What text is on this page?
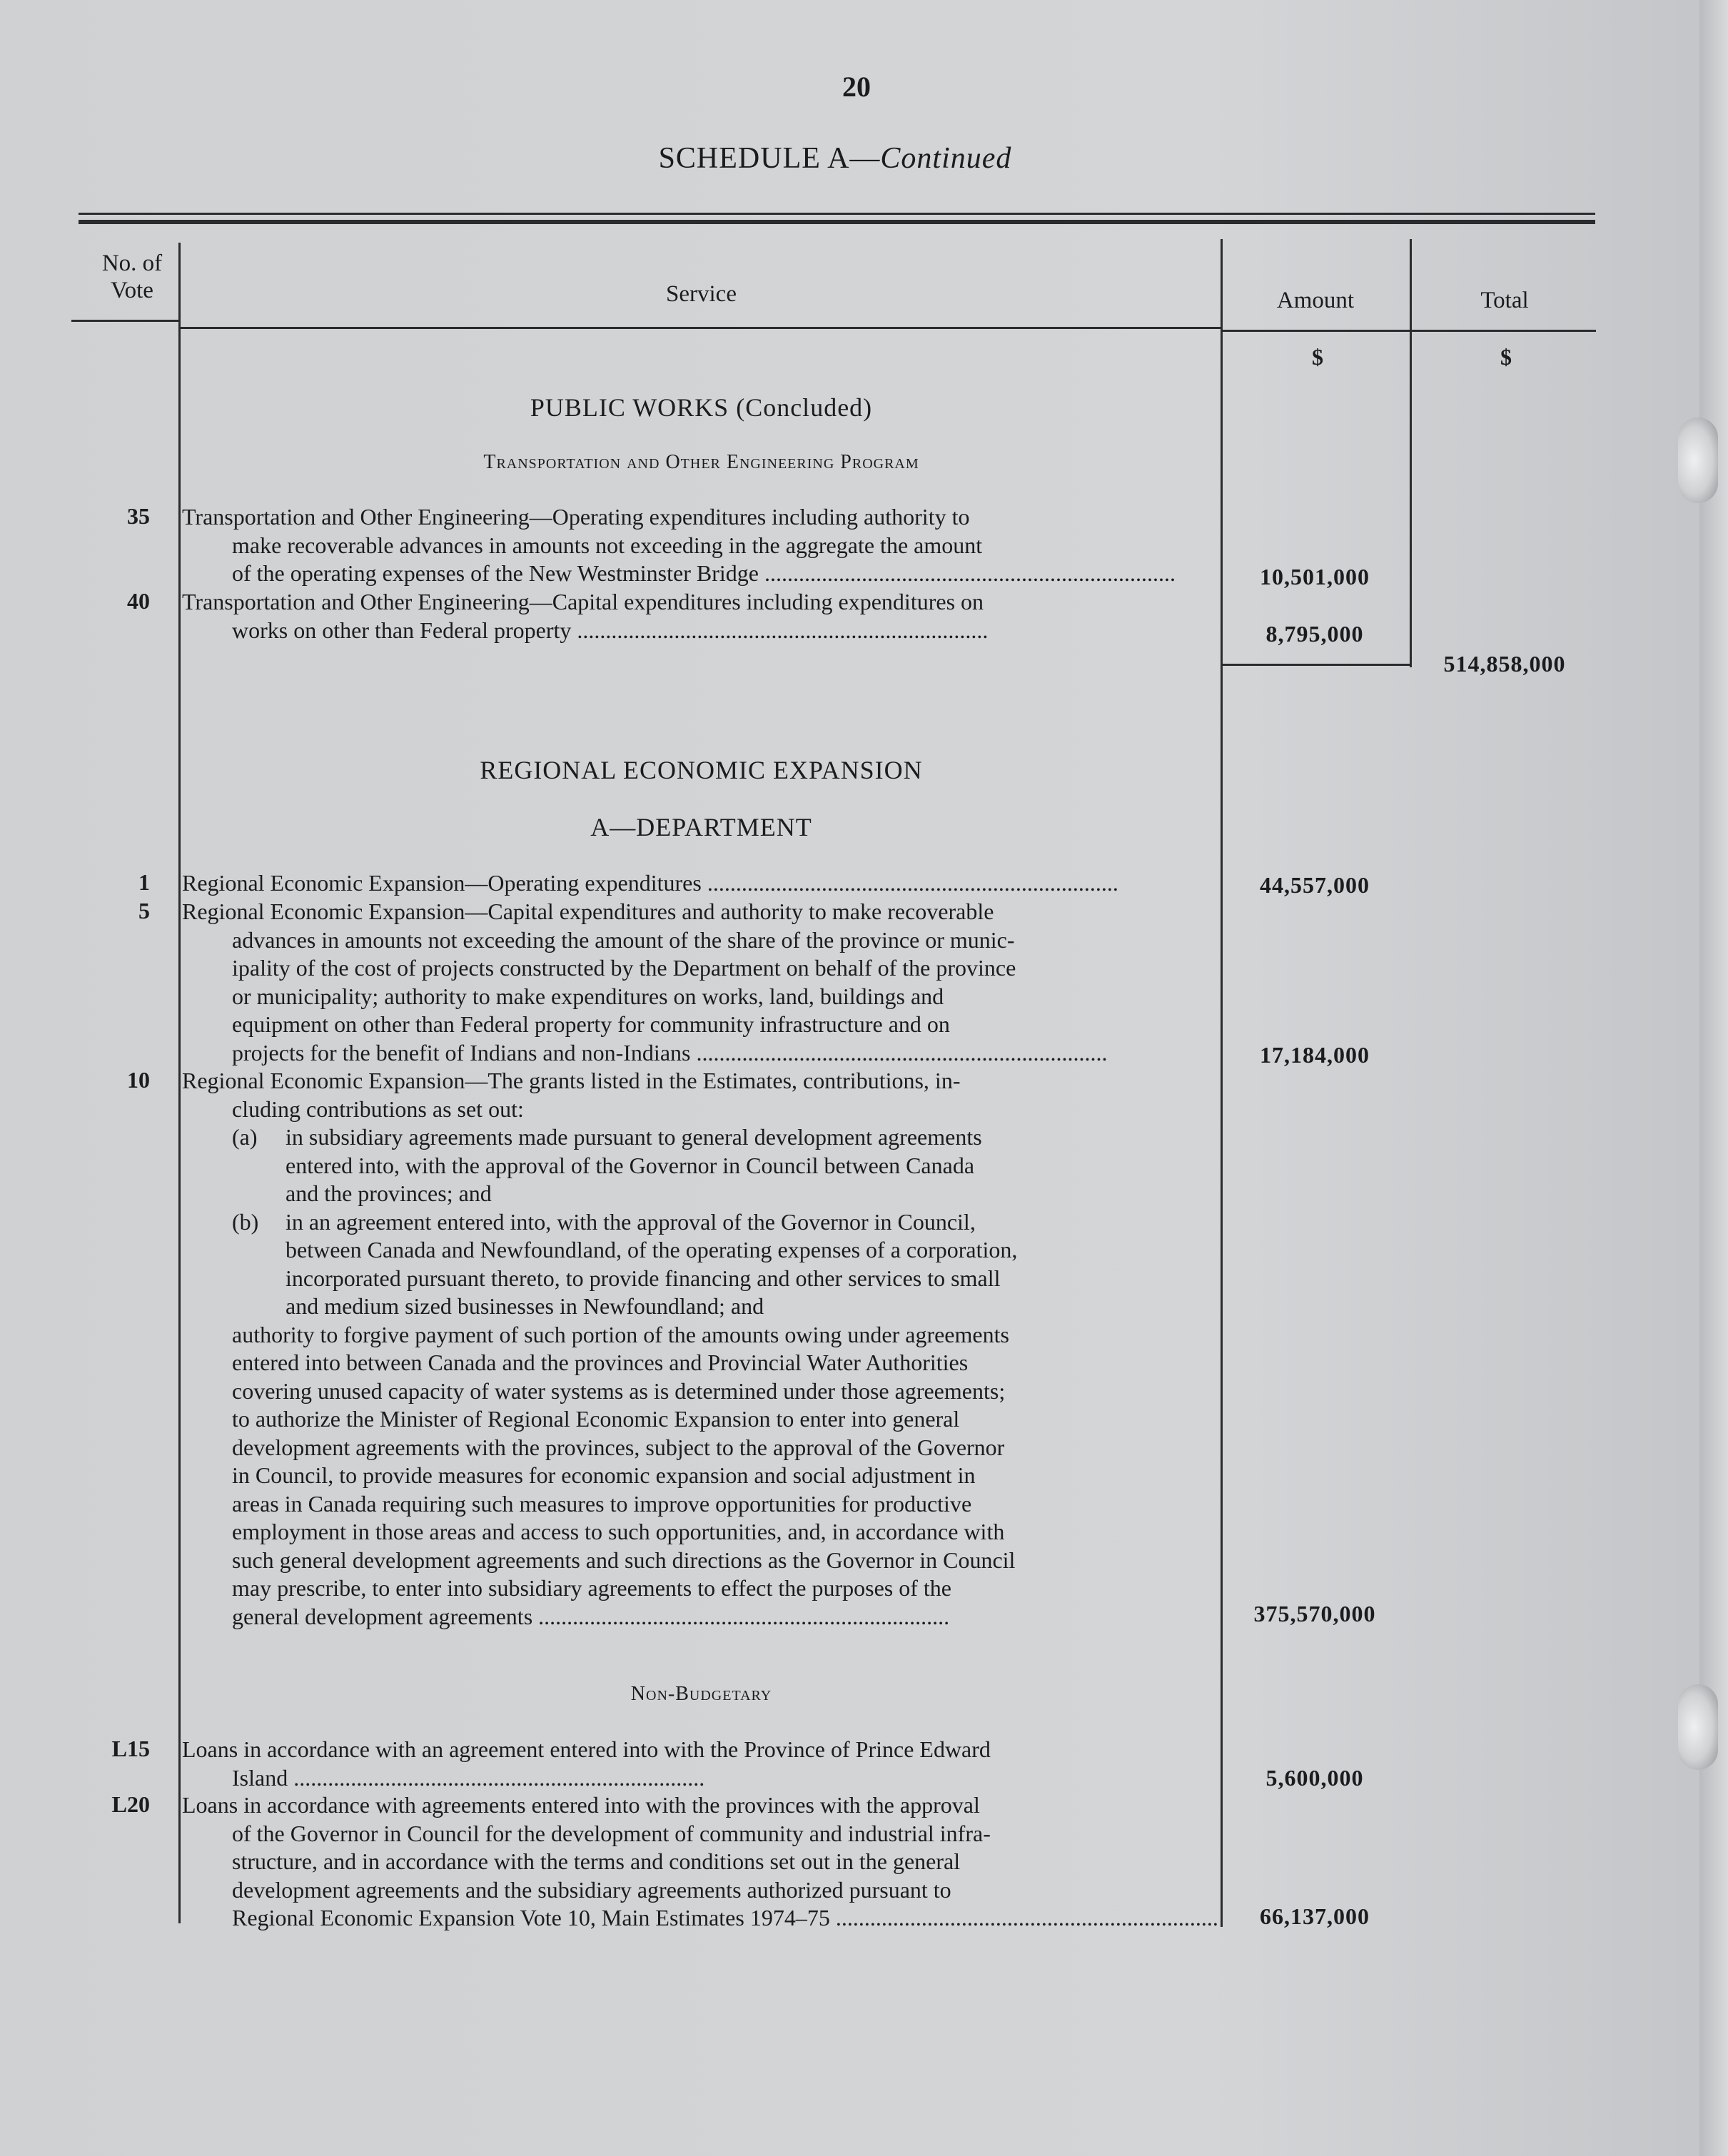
20
SCHEDULE A—Continued
No. of
Vote	Service	Amount	Total
$	$
PUBLIC WORKS (Concluded)
Transportation and Other Engineering Program
35 Transportation and Other Engineering—Operating expenditures including authority to

make recoverable advances in amounts not exceeding in the aggregate the amount

of the operating expenses of the New Westminster Bridge .....	10,501,000
40 Transportation and Other Engineering—Capital expenditures including expenditures on

works on other than Federal property .....	8,795,000
514,858,000
REGIONAL ECONOMIC EXPANSION
A—DEPARTMENT
1 Regional Economic Expansion—Operating expenditures .....	44,557,000
5 Regional Economic Expansion—Capital expenditures and authority to make recoverable

advances in amounts not exceeding the amount of the share of the province or munic-

ipality of the cost of projects constructed by the Department on behalf of the province

or municipality; authority to make expenditures on works, land, buildings and

equipment on other than Federal property for community infrastructure and on

projects for the benefit of Indians and non-Indians .....	17,184,000
10 Regional Economic Expansion—The grants listed in the Estimates, contributions, in-

cluding contributions as set out:

(a)	in subsidiary agreements made pursuant to general development agreements

entered into, with the approval of the Governor in Council between Canada

and the provinces; and

(b)	in an agreement entered into, with the approval of the Governor in Council,

between Canada and Newfoundland, of the operating expenses of a corporation,

incorporated pursuant thereto, to provide financing and other services to small

and medium sized businesses in Newfoundland; and

authority to forgive payment of such portion of the amounts owing under agreements

entered into between Canada and the provinces and Provincial Water Authorities

covering unused capacity of water systems as is determined under those agreements;

to authorize the Minister of Regional Economic Expansion to enter into general

development agreements with the provinces, subject to the approval of the Governor

in Council, to provide measures for economic expansion and social adjustment in

areas in Canada requiring such measures to improve opportunities for productive

employment in those areas and access to such opportunities, and, in accordance with

such general development agreements and such directions as the Governor in Council

may prescribe, to enter into subsidiary agreements to effect the purposes of the

general development agreements .....	375,570,000
Non-Budgetary
L15 Loans in accordance with an agreement entered into with the Province of Prince Edward

Island .....	5,600,000
L20 Loans in accordance with agreements entered into with the provinces with the approval

of the Governor in Council for the development of community and industrial infra-

structure, and in accordance with the terms and conditions set out in the general

development agreements and the subsidiary agreements authorized pursuant to

Regional Economic Expansion Vote 10, Main Estimates 1974–75 .....	66,137,000
